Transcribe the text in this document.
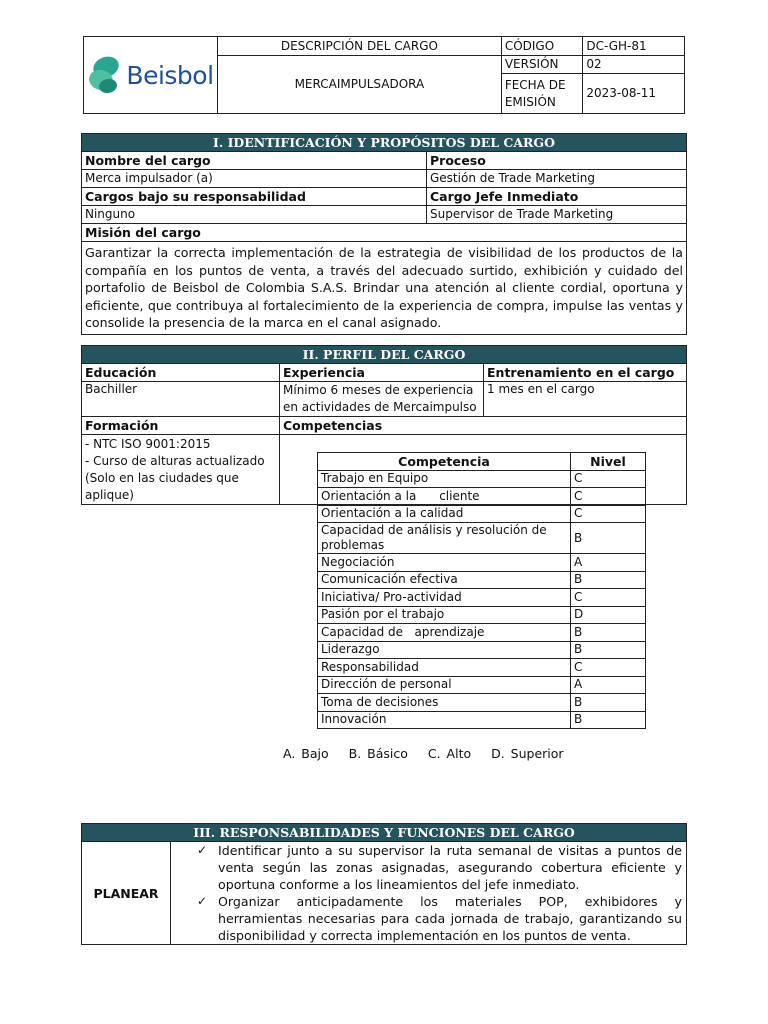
Beisbol	DESCRIPCIÓN DEL CARGO	CÓDIGO	DC-GH-81
	MERCAIMPULSADORA	VERSIÓN	02
		FECHA DE EMISIÓN	2023-08-11
I. IDENTIFICACIÓN Y PROPÓSITOS DEL CARGO	
Nombre del cargo	Proceso
Merca impulsador (a)	Gestión de Trade Marketing
Cargos bajo su responsabilidad	Cargo Jefe Inmediato
Ninguno	Supervisor de Trade Marketing
Misión del cargo	
Garantizar la correcta implementación de la estrategia de visibilidad de los productos de la compañía en los puntos de venta, a través del adecuado surtido, exhibición y cuidado del portafolio de Beisbol de Colombia S.A.S. Brindar una atención al cliente cordial, oportuna y eficiente, que contribuya al fortalecimiento de la experiencia de compra, impulse las ventas y consolide la presencia de la marca en el canal asignado.	
II. PERFIL DEL CARGO
Educación	Experiencia	Entrenamiento en el cargo
Bachiller	Mínimo 6 meses de experiencia en actividades de Mercaimpulso	1 mes en el cargo
Formación	Competencias

- NTC ISO 9001:2015
- Curso de alturas actualizado (Solo en las ciudades que aplique)

Competencia	Nivel
Trabajo en Equipo	C
Orientación a la      cliente	C
Orientación a la calidad	C
Capacidad de análisis y resolución de problemas	B
Negociación	A
Comunicación efectiva	B
Iniciativa/ Pro-actividad	C
Pasión por el trabajo	D
Capacidad de   aprendizaje	B
Liderazgo	B
Responsabilidad	C
Dirección de personal	A
Toma de decisiones	B
Innovación	B
A. Bajo B. Básico C. Alto D. Superior
III. RESPONSABILIDADES Y FUNCIONES DEL CARGO
PLANEAR	
✓ Identificar junto a su supervisor la ruta semanal de visitas a puntos de venta según las zonas asignadas, asegurando cobertura eficiente y oportuna conforme a los lineamientos del jefe inmediato.
✓ Organizar anticipadamente los materiales POP, exhibidores y herramientas necesarias para cada jornada de trabajo, garantizando su disponibilidad y correcta implementación en los puntos de venta.
